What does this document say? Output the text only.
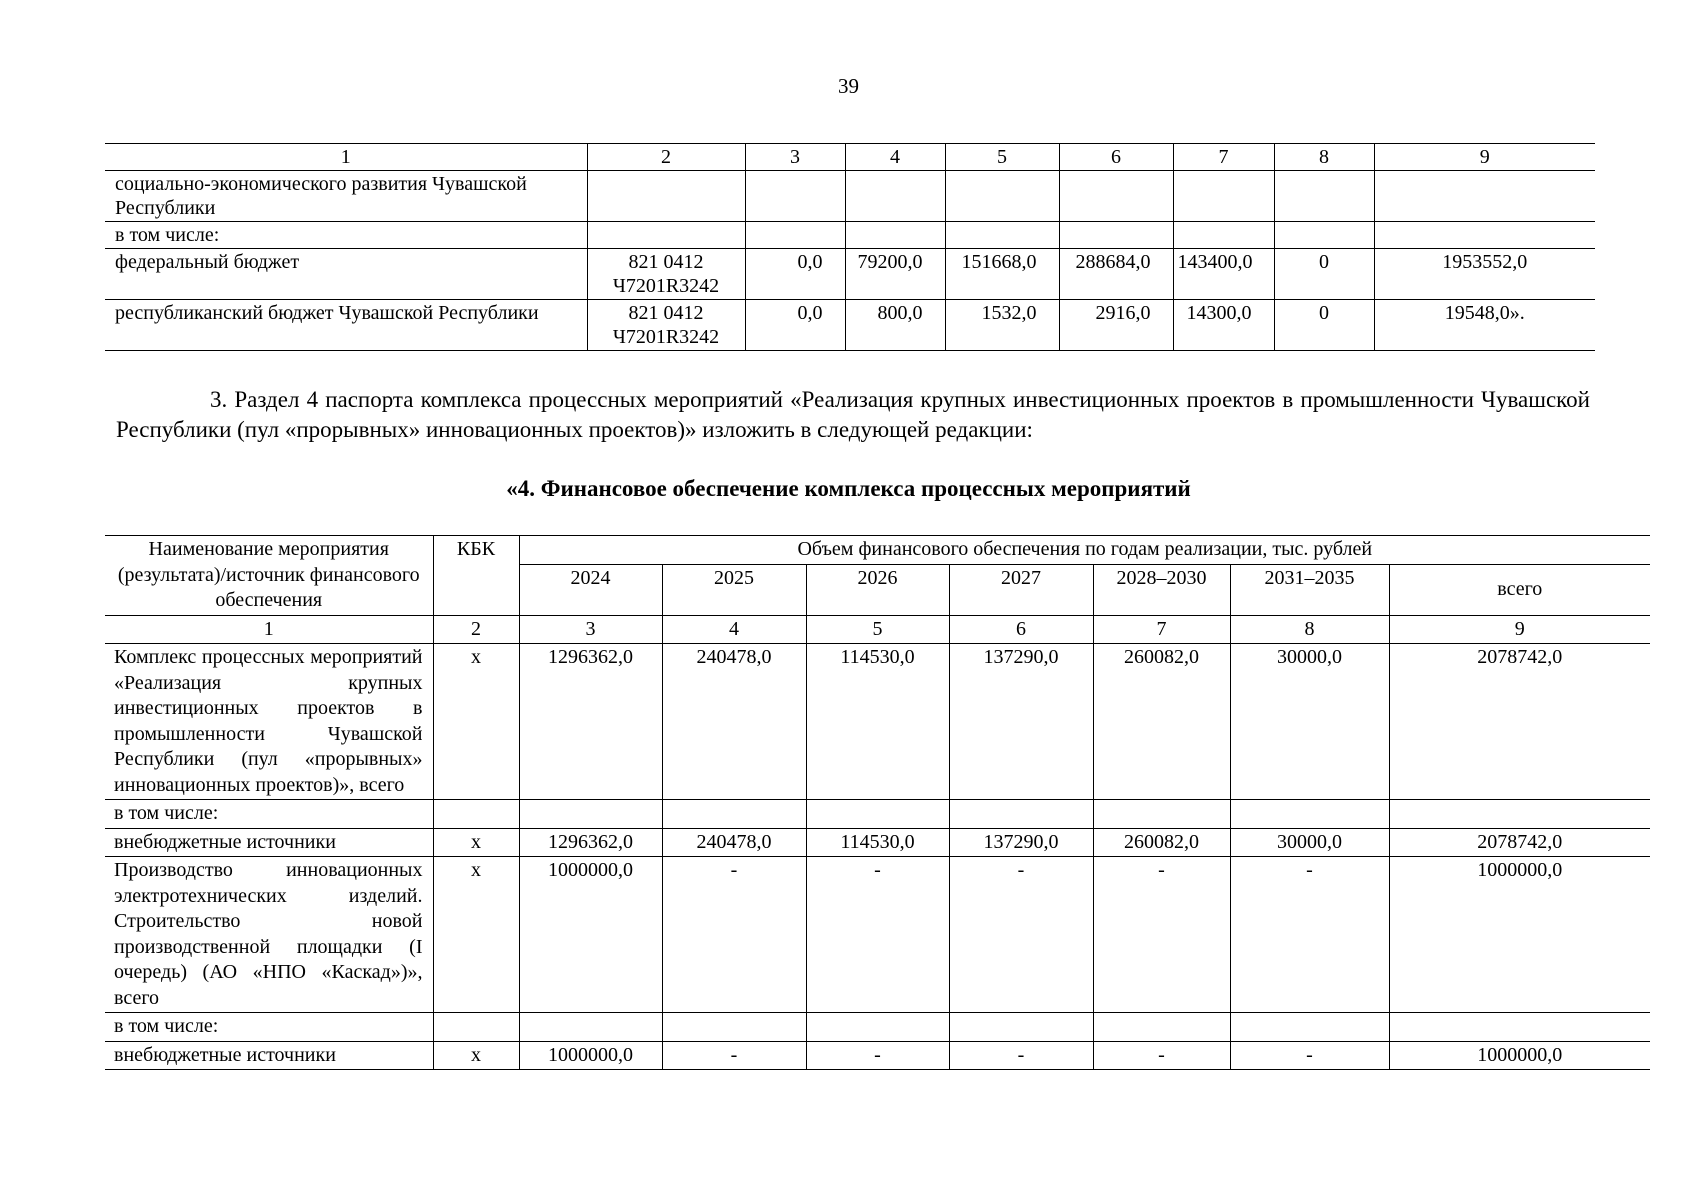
39
1	2	3	4	5	6	7	8	9
социально-экономического развития Чувашской Республики								
в том числе:								
федеральный бюджет	821 0412 Ч7201R3242	0,0	79200,0	151668,0	288684,0	143400,0	0	1953552,0
республиканский бюджет Чувашской Республики	821 0412 Ч7201R3242	0,0	800,0	1532,0	2916,0	14300,0	0	19548,0».
3. Раздел 4 паспорта комплекса процессных мероприятий «Реализация крупных инвестиционных проектов в промышленности Чувашской Республики (пул «прорывных» инновационных проектов)» изложить в следующей редакции:
«4. Финансовое обеспечение комплекса процессных мероприятий
Наименование мероприятия (результата)/источник финансового обеспечения	КБК	Объем финансового обеспечения по годам реализации, тыс. рублей						
		2024	2025	2026	2027	2028–2030	2031–2035	всего
1	2	3	4	5	6	7	8	9
Комплекс процессных мероприятий «Реализация крупных инвестиционных проектов в промышленности Чувашской Республики (пул «прорывных» инновационных проектов)», всего	х	1296362,0	240478,0	114530,0	137290,0	260082,0	30000,0	2078742,0
в том числе:								
внебюджетные источники	х	1296362,0	240478,0	114530,0	137290,0	260082,0	30000,0	2078742,0
Производство инновационных электротехнических изделий. Строительство новой производственной площадки (I очередь) (АО «НПО «Каскад»)», всего	х	1000000,0	-	-	-	-	-	1000000,0
в том числе:								
внебюджетные источники	х	1000000,0	-	-	-	-	-	1000000,0
